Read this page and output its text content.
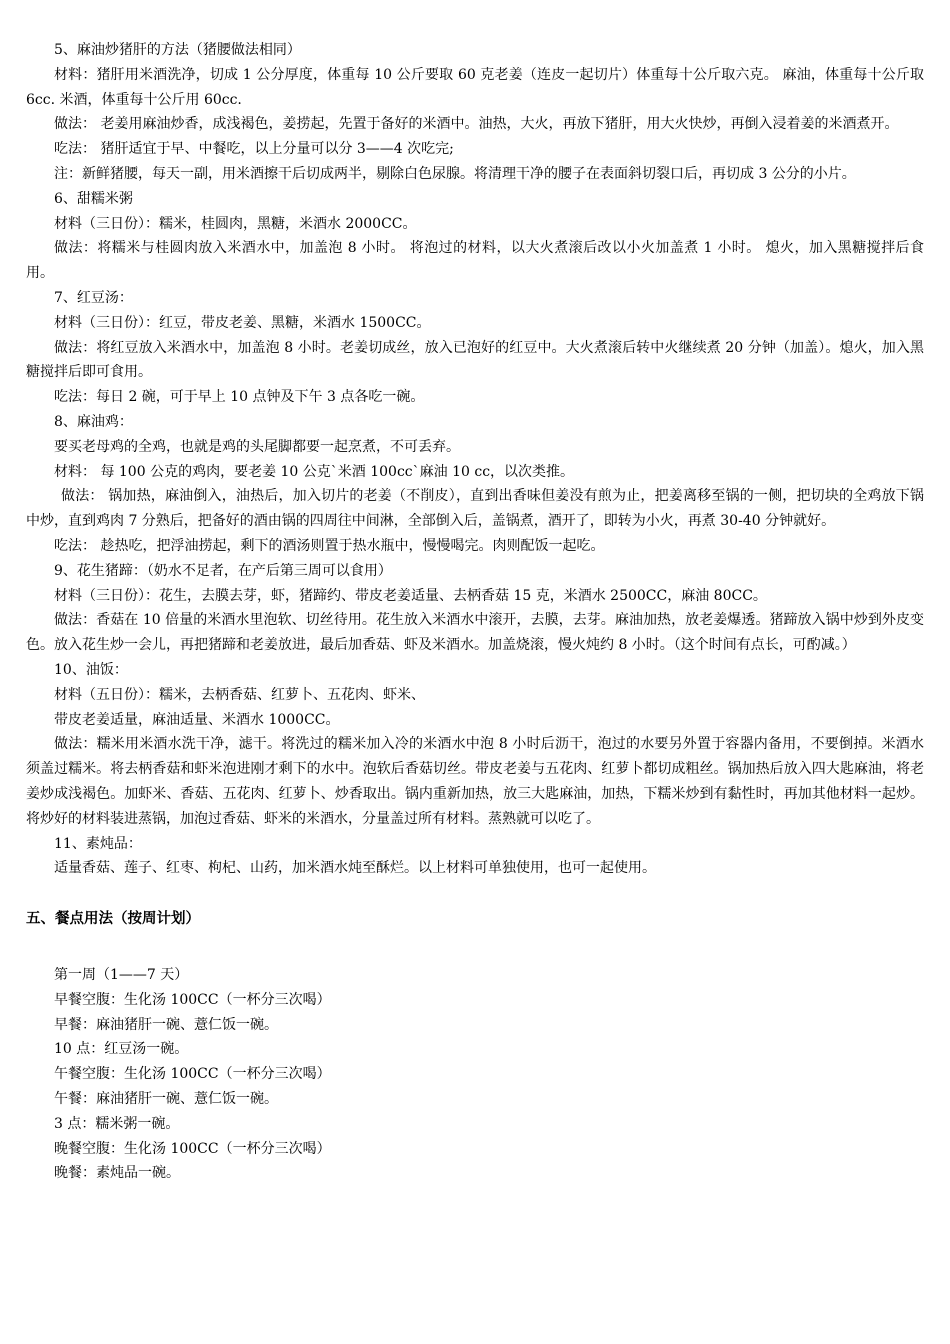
5、麻油炒猪肝的方法（猪腰做法相同）

材料：猪肝用米酒洗净，切成 1 公分厚度，体重每 10 公斤要取 60 克老姜（连皮一起切片）体重每十公斤取六克。 麻油，体重每十公斤取 6cc. 米酒，体重每十公斤用 60cc.

做法： 老姜用麻油炒香，成浅褐色，姜捞起，先置于备好的米酒中。油热，大火，再放下猪肝，用大火快炒，再倒入浸着姜的米酒煮开。

吃法： 猪肝适宜于早、中餐吃，以上分量可以分 3——4 次吃完;

注：新鲜猪腰，每天一副，用米酒擦干后切成两半，剔除白色尿腺。将清理干净的腰子在表面斜切裂口后，再切成 3 公分的小片。

6、甜糯米粥

材料（三日份）：糯米，桂圆肉，黑糖，米酒水 2000CC。

做法：将糯米与桂圆肉放入米酒水中，加盖泡 8 小时。 将泡过的材料，以大火煮滚后改以小火加盖煮 1 小时。 熄火，加入黑糖搅拌后食用。

7、红豆汤：

材料（三日份）：红豆，带皮老姜、黑糖，米酒水 1500CC。

做法：将红豆放入米酒水中，加盖泡 8 小时。老姜切成丝，放入已泡好的红豆中。大火煮滚后转中火继续煮 20 分钟（加盖）。熄火，加入黑糖搅拌后即可食用。

吃法：每日 2 碗，可于早上 10 点钟及下午 3 点各吃一碗。

8、麻油鸡：

要买老母鸡的全鸡，也就是鸡的头尾脚都要一起烹煮，不可丢弃。

材料： 每 100 公克的鸡肉，要老姜 10 公克`米酒 100cc`麻油 10 cc，以次类推。

做法： 锅加热，麻油倒入，油热后，加入切片的老姜（不削皮），直到出香味但姜没有煎为止，把姜离移至锅的一侧，把切块的全鸡放下锅中炒，直到鸡肉 7 分熟后，把备好的酒由锅的四周往中间淋，全部倒入后，盖锅煮，酒开了，即转为小火，再煮 30-40 分钟就好。

吃法： 趁热吃，把浮油捞起，剩下的酒汤则置于热水瓶中，慢慢喝完。肉则配饭一起吃。

9、花生猪蹄：（奶水不足者，在产后第三周可以食用）

材料（三日份）：花生，去膜去芽，虾，猪蹄约、带皮老姜适量、去柄香菇 15 克，米酒水 2500CC，麻油 80CC。

做法：香菇在 10 倍量的米酒水里泡软、切丝待用。花生放入米酒水中滚开，去膜，去芽。麻油加热，放老姜爆透。猪蹄放入锅中炒到外皮变色。放入花生炒一会儿，再把猪蹄和老姜放进，最后加香菇、虾及米酒水。加盖烧滚，慢火炖约 8 小时。（这个时间有点长，可酌减。）

10、油饭：

材料（五日份）：糯米，去柄香菇、红萝卜、五花肉、虾米、

带皮老姜适量，麻油适量、米酒水 1000CC。

做法：糯米用米酒水洗干净，滤干。将洗过的糯米加入冷的米酒水中泡 8 小时后沥干，泡过的水要另外置于容器内备用，不要倒掉。米酒水须盖过糯米。将去柄香菇和虾米泡进刚才剩下的水中。泡软后香菇切丝。带皮老姜与五花肉、红萝卜都切成粗丝。锅加热后放入四大匙麻油，将老姜炒成浅褐色。加虾米、香菇、五花肉、红萝卜、炒香取出。锅内重新加热，放三大匙麻油，加热，下糯米炒到有黏性时，再加其他材料一起炒。将炒好的材料装进蒸锅，加泡过香菇、虾米的米酒水，分量盖过所有材料。蒸熟就可以吃了。

11、素炖品：

适量香菇、莲子、红枣、枸杞、山药，加米酒水炖至酥烂。以上材料可单独使用，也可一起使用。

五、餐点用法（按周计划）

第一周（1——7 天）

早餐空腹：生化汤 100CC（一杯分三次喝）

早餐：麻油猪肝一碗、薏仁饭一碗。

10 点：红豆汤一碗。

午餐空腹：生化汤 100CC（一杯分三次喝）

午餐：麻油猪肝一碗、薏仁饭一碗。

3 点：糯米粥一碗。

晚餐空腹：生化汤 100CC（一杯分三次喝）

晚餐：素炖品一碗。
